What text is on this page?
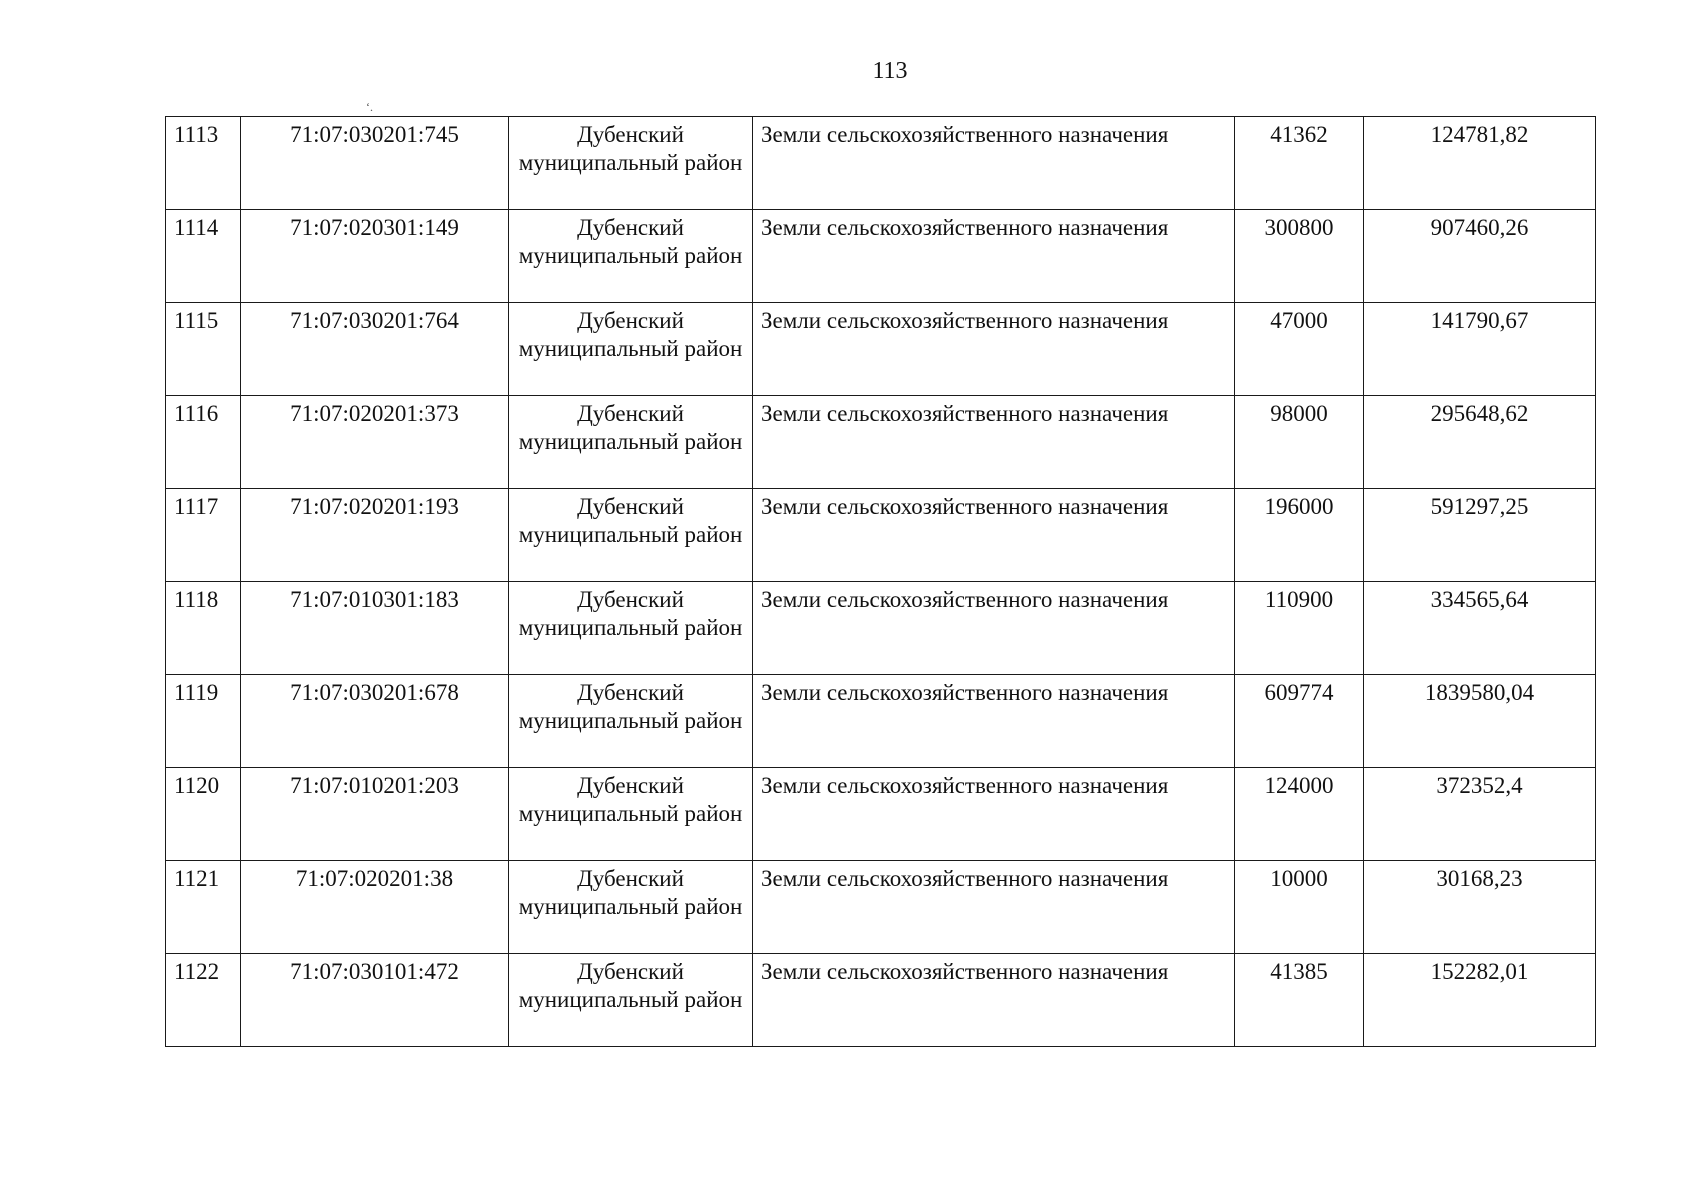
113
‘.
1113	71:07:030201:745	Дубенский муниципальный район	Земли сельскохозяйственного назначения	41362	124781,82
1114	71:07:020301:149	Дубенский муниципальный район	Земли сельскохозяйственного назначения	300800	907460,26
1115	71:07:030201:764	Дубенский муниципальный район	Земли сельскохозяйственного назначения	47000	141790,67
1116	71:07:020201:373	Дубенский муниципальный район	Земли сельскохозяйственного назначения	98000	295648,62
1117	71:07:020201:193	Дубенский муниципальный район	Земли сельскохозяйственного назначения	196000	591297,25
1118	71:07:010301:183	Дубенский муниципальный район	Земли сельскохозяйственного назначения	110900	334565,64
1119	71:07:030201:678	Дубенский муниципальный район	Земли сельскохозяйственного назначения	609774	1839580,04
1120	71:07:010201:203	Дубенский муниципальный район	Земли сельскохозяйственного назначения	124000	372352,4
1121	71:07:020201:38	Дубенский муниципальный район	Земли сельскохозяйственного назначения	10000	30168,23
1122	71:07:030101:472	Дубенский муниципальный район	Земли сельскохозяйственного назначения	41385	152282,01
